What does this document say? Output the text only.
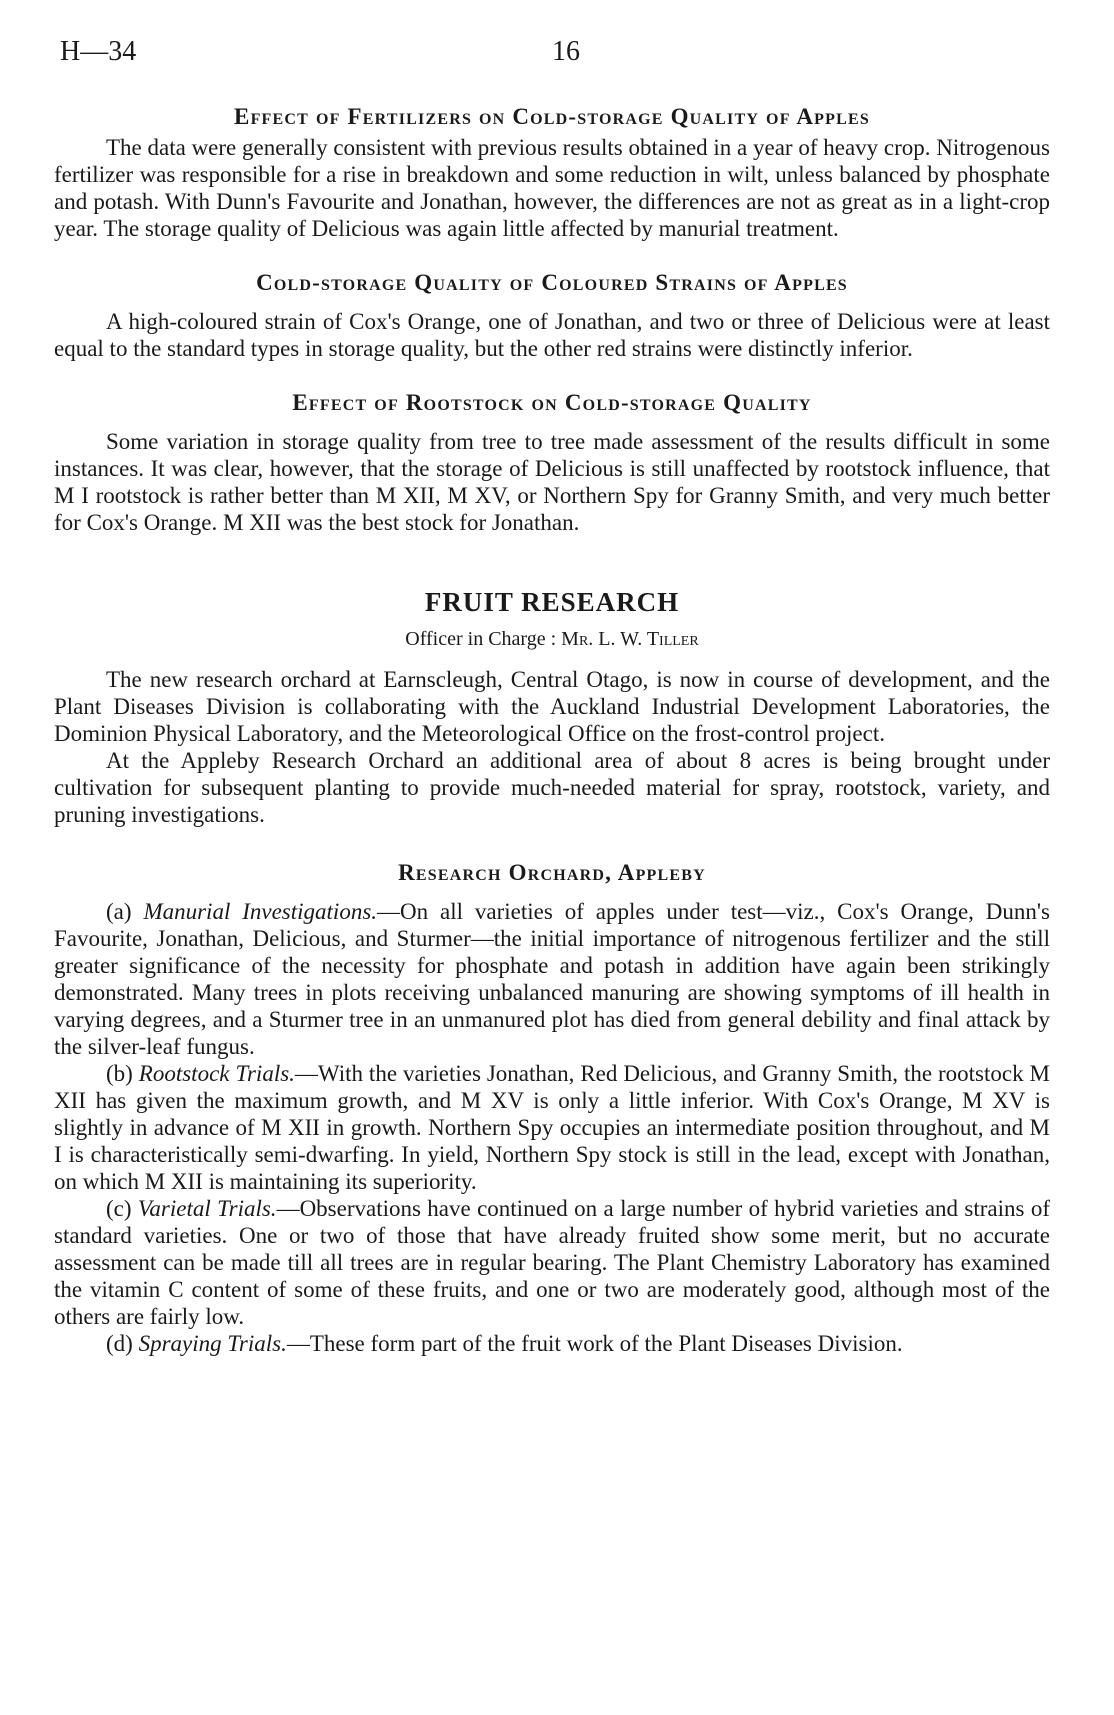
H—34	16
Effect of Fertilizers on Cold-storage Quality of Apples

The data were generally consistent with previous results obtained in a year of heavy crop. Nitrogenous fertilizer was responsible for a rise in breakdown and some reduction in wilt, unless balanced by phosphate and potash. With Dunn's Favourite and Jonathan, however, the differences are not as great as in a light-crop year. The storage quality of Delicious was again little affected by manurial treatment.

Cold-storage Quality of Coloured Strains of Apples

A high-coloured strain of Cox's Orange, one of Jonathan, and two or three of Delicious were at least equal to the standard types in storage quality, but the other red strains were distinctly inferior.

Effect of Rootstock on Cold-storage Quality

Some variation in storage quality from tree to tree made assessment of the results difficult in some instances. It was clear, however, that the storage of Delicious is still unaffected by rootstock influence, that M I rootstock is rather better than M XII, M XV, or Northern Spy for Granny Smith, and very much better for Cox's Orange. M XII was the best stock for Jonathan.

FRUIT RESEARCH
Officer in Charge : Mr. L. W. Tiller

The new research orchard at Earnscleugh, Central Otago, is now in course of development, and the Plant Diseases Division is collaborating with the Auckland Industrial Development Laboratories, the Dominion Physical Laboratory, and the Meteorological Office on the frost-control project.

At the Appleby Research Orchard an additional area of about 8 acres is being brought under cultivation for subsequent planting to provide much-needed material for spray, rootstock, variety, and pruning investigations.

Research Orchard, Appleby

(a) Manurial Investigations.—On all varieties of apples under test—viz., Cox's Orange, Dunn's Favourite, Jonathan, Delicious, and Sturmer—the initial importance of nitrogenous fertilizer and the still greater significance of the necessity for phosphate and potash in addition have again been strikingly demonstrated. Many trees in plots receiving unbalanced manuring are showing symptoms of ill health in varying degrees, and a Sturmer tree in an unmanured plot has died from general debility and final attack by the silver-leaf fungus.

(b) Rootstock Trials.—With the varieties Jonathan, Red Delicious, and Granny Smith, the rootstock M XII has given the maximum growth, and M XV is only a little inferior. With Cox's Orange, M XV is slightly in advance of M XII in growth. Northern Spy occupies an intermediate position throughout, and M I is characteristically semi-dwarfing. In yield, Northern Spy stock is still in the lead, except with Jonathan, on which M XII is maintaining its superiority.

(c) Varietal Trials.—Observations have continued on a large number of hybrid varieties and strains of standard varieties. One or two of those that have already fruited show some merit, but no accurate assessment can be made till all trees are in regular bearing. The Plant Chemistry Laboratory has examined the vitamin C content of some of these fruits, and one or two are moderately good, although most of the others are fairly low.

(d) Spraying Trials.—These form part of the fruit work of the Plant Diseases Division.
